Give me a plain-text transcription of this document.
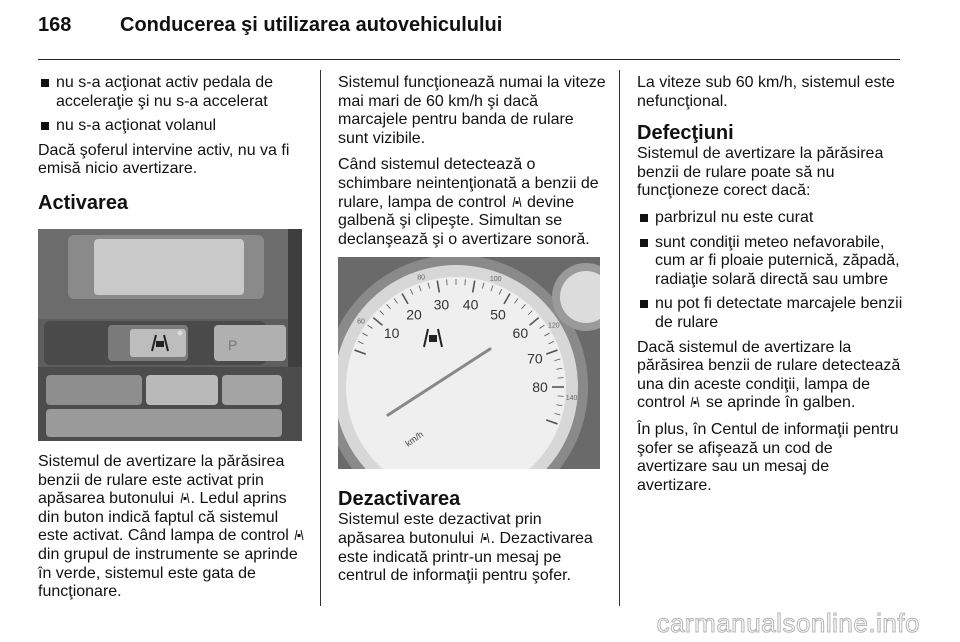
168 Conducerea şi utilizarea autovehiculului
nu s-a acţionat activ pedala de acceleraţie şi nu s-a accelerat
nu s-a acţionat volanul

Dacă şoferul intervine activ, nu va fi emisă nicio avertizare.

Activarea
P

Sistemul de avertizare la părăsirea benzii de rulare este activat prin apăsarea butonului . Ledul aprins din buton indică faptul că sistemul este activat. Când lampa de control  din grupul de instrumente se aprinde în verde, sistemul este gata de funcţionare.

Sistemul funcţionează numai la viteze mai mari de 60 km/h şi dacă marcajele pentru banda de rulare sunt vizibile.

Când sistemul detectează o schimbare neintenţionată a benzii de rulare, lampa de control devine galbenă şi clipeşte. Simultan se declanşează şi o avertizare sonoră.

10
20
30 40
50
60
70
80
60
80	100
120
140
km/h
Dezactivarea

Sistemul este dezactivat prin apăsarea butonului . Dezactivarea este indicată printr-un mesaj pe centrul de informaţii pentru şofer.

La viteze sub 60 km/h, sistemul este nefuncţional.

Defecţiuni

Sistemul de avertizare la părăsirea benzii de rulare poate să nu funcţioneze corect dacă:

parbrizul nu este curat
sunt condiţii meteo nefavorabile, cum ar fi ploaie puternică, zăpadă, radiaţie solară directă sau umbre
nu pot fi detectate marcajele benzii de rulare

Dacă sistemul de avertizare la părăsirea benzii de rulare detectează una din aceste condiţii, lampa de control se aprinde în galben.

În plus, în Centul de informaţii pentru şofer se afişează un cod de avertizare sau un mesaj de avertizare.

carmanualsonline.info
